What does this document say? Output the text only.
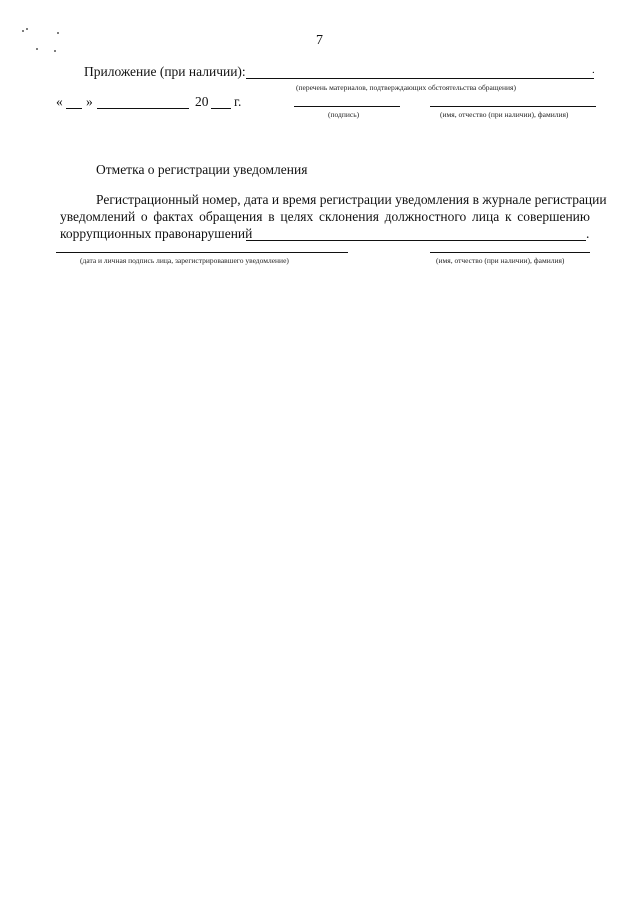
7
Приложение (при наличии):	.
(перечень материалов, подтверждающих обстоятельства обращения)
« »	20 г.
(подпись)	(имя, отчество (при наличии), фамилия)
Отметка о регистрации уведомления
Регистрационный номер, дата и время регистрации уведомления в журнале регистрации
уведомлений о фактах обращения в целях склонения должностного лица к совершению
коррупционных правонарушений	.
(дата и личная подпись лица, зарегистрировавшего уведомление)	(имя, отчество (при наличии), фамилия)
